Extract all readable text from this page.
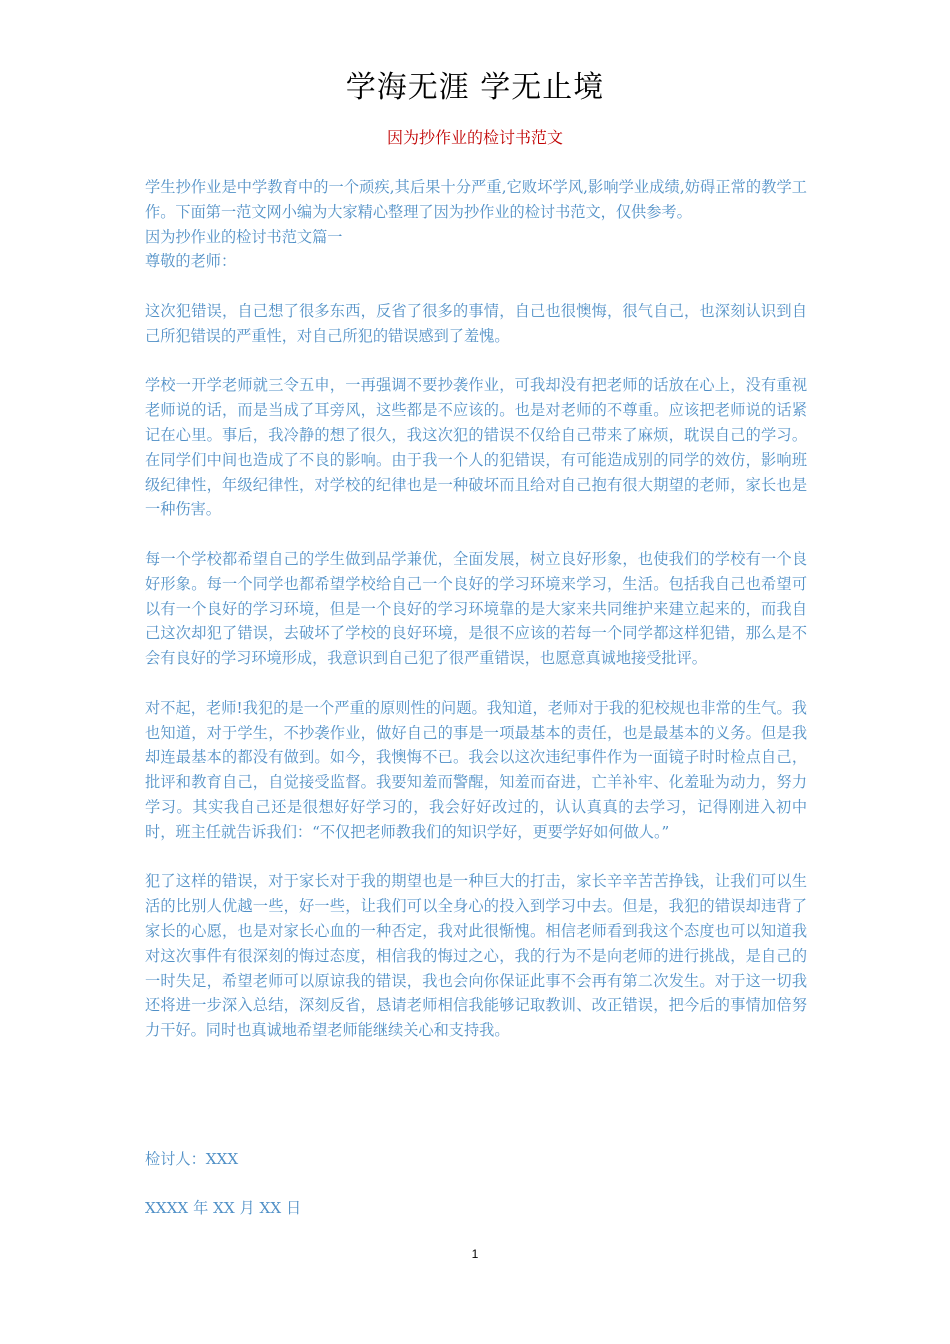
学海无涯 学无止境
因为抄作业的检讨书范文

学生抄作业是中学教育中的一个顽疾,其后果十分严重,它败坏学风,影响学业成绩,妨碍正常的教学工作。下面第一范文网小编为大家精心整理了因为抄作业的检讨书范文，仅供参考。

因为抄作业的检讨书范文篇一

尊敬的老师：

这次犯错误，自己想了很多东西，反省了很多的事情，自己也很懊悔，很气自己，也深刻认识到自己所犯错误的严重性，对自己所犯的错误感到了羞愧。

学校一开学老师就三令五申，一再强调不要抄袭作业，可我却没有把老师的话放在心上，没有重视老师说的话，而是当成了耳旁风，这些都是不应该的。也是对老师的不尊重。应该把老师说的话紧记在心里。事后，我冷静的想了很久，我这次犯的错误不仅给自己带来了麻烦，耽误自己的学习。在同学们中间也造成了不良的影响。由于我一个人的犯错误，有可能造成别的同学的效仿，影响班级纪律性，年级纪律性，对学校的纪律也是一种破坏而且给对自己抱有很大期望的老师，家长也是一种伤害。

每一个学校都希望自己的学生做到品学兼优，全面发展，树立良好形象，也使我们的学校有一个良好形象。每一个同学也都希望学校给自己一个良好的学习环境来学习，生活。包括我自己也希望可以有一个良好的学习环境，但是一个良好的学习环境靠的是大家来共同维护来建立起来的，而我自己这次却犯了错误，去破坏了学校的良好环境，是很不应该的若每一个同学都这样犯错，那么是不会有良好的学习环境形成，我意识到自己犯了很严重错误，也愿意真诚地接受批评。

对不起，老师!我犯的是一个严重的原则性的问题。我知道，老师对于我的犯校规也非常的生气。我也知道，对于学生，不抄袭作业，做好自己的事是一项最基本的责任，也是最基本的义务。但是我却连最基本的都没有做到。如今，我懊悔不已。我会以这次违纪事件作为一面镜子时时检点自己，批评和教育自己，自觉接受监督。我要知羞而警醒，知羞而奋进，亡羊补牢、化羞耻为动力，努力学习。其实我自己还是很想好好学习的，我会好好改过的，认认真真的去学习，记得刚进入初中时，班主任就告诉我们：“不仅把老师教我们的知识学好，更要学好如何做人。”

犯了这样的错误，对于家长对于我的期望也是一种巨大的打击，家长辛辛苦苦挣钱，让我们可以生活的比别人优越一些，好一些，让我们可以全身心的投入到学习中去。但是，我犯的错误却违背了家长的心愿，也是对家长心血的一种否定，我对此很惭愧。相信老师看到我这个态度也可以知道我对这次事件有很深刻的悔过态度，相信我的悔过之心，我的行为不是向老师的进行挑战，是自己的一时失足，希望老师可以原谅我的错误，我也会向你保证此事不会再有第二次发生。对于这一切我还将进一步深入总结，深刻反省，恳请老师相信我能够记取教训、改正错误，把今后的事情加倍努力干好。同时也真诚地希望老师能继续关心和支持我。

检讨人：XXX
XXXX 年 XX 月 XX 日
1
